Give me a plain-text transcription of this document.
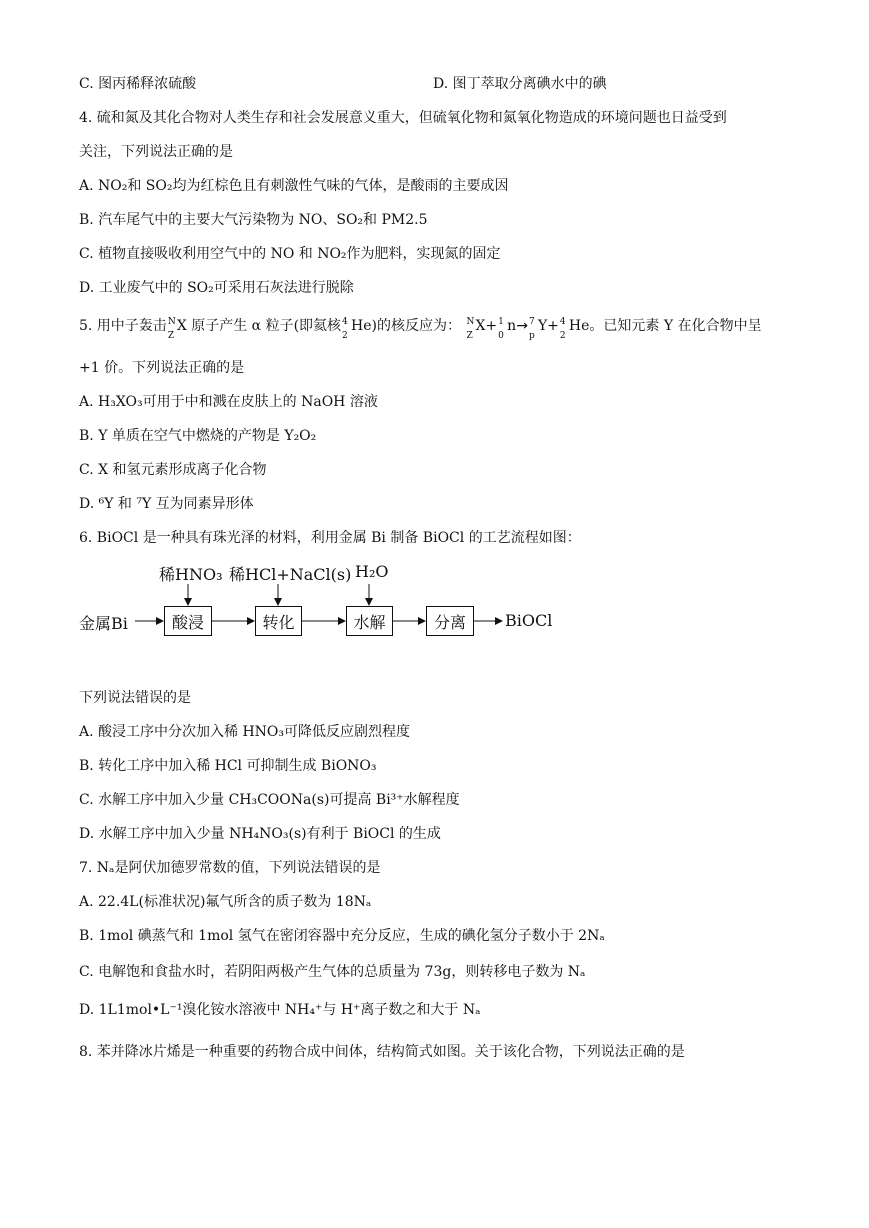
C. 图丙稀释浓硫酸	D. 图丁萃取分离碘水中的碘
4. 硫和氮及其化合物对人类生存和社会发展意义重大，但硫氧化物和氮氧化物造成的环境问题也日益受到
关注，下列说法正确的是
A. NO₂和 SO₂均为红棕色且有刺激性气味的气体，是酸雨的主要成因
B. 汽车尾气中的主要大气污染物为 NO、SO₂和 PM2.5
C. 植物直接吸收利用空气中的 NO 和 NO₂作为肥料，实现氮的固定
D. 工业废气中的 SO₂可采用石灰法进行脱除
5. 用中子轰击 N
Z
X 原子产生 α 粒子(即氦核 4
2
He)的核反应为： N
Z
X+ 1
0
n→ 7
p
Y+ 4
2
He。已知元素 Y 在化合物中呈
+1 价。下列说法正确的是
A. H₃XO₃可用于中和溅在皮肤上的 NaOH 溶液
B. Y 单质在空气中燃烧的产物是 Y₂O₂
C. X 和氢元素形成离子化合物
D. ⁶Y 和 ⁷Y 互为同素异形体
6. BiOCl 是一种具有珠光泽的材料，利用金属 Bi 制备 BiOCl 的工艺流程如图：
金属Bi	酸浸	转化	水解	分离	BiOCl
稀HNO₃ 稀HCl+NaCl(s) H₂O
下列说法错误的是
A. 酸浸工序中分次加入稀 HNO₃可降低反应剧烈程度
B. 转化工序中加入稀 HCl 可抑制生成 BiONO₃
C. 水解工序中加入少量 CH₃COONa(s)可提高 Bi³⁺水解程度
D. 水解工序中加入少量 NH₄NO₃(s)有利于 BiOCl 的生成
7. Nₐ是阿伏加德罗常数的值，下列说法错误的是
A. 22.4L(标准状况)氟气所含的质子数为 18Nₐ
B. 1mol 碘蒸气和 1mol 氢气在密闭容器中充分反应，生成的碘化氢分子数小于 2Nₐ
C. 电解饱和食盐水时，若阴阳两极产生气体的总质量为 73g，则转移电子数为 Nₐ
D. 1L1mol•L⁻¹溴化铵水溶液中 NH₄⁺与 H⁺离子数之和大于 Nₐ
8. 苯并降冰片烯是一种重要的药物合成中间体，结构简式如图。关于该化合物，下列说法正确的是
